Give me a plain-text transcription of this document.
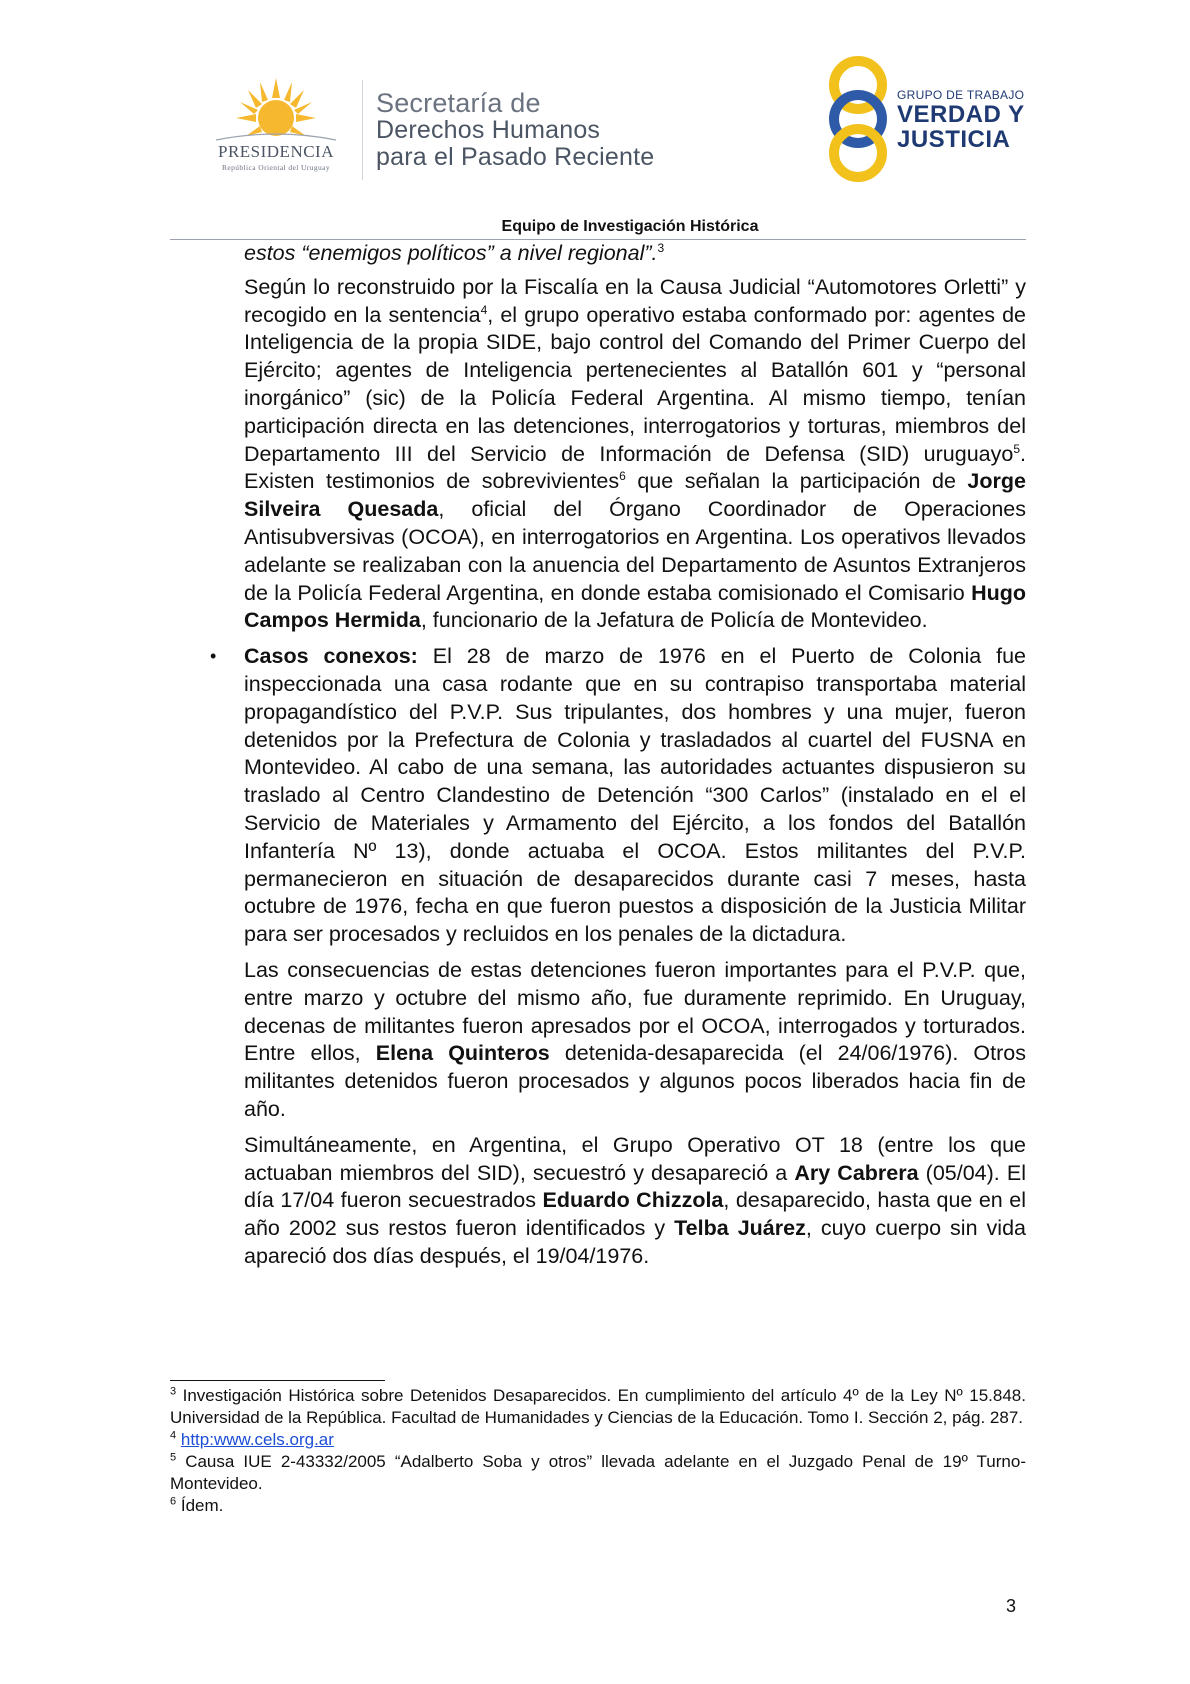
PRESIDENCIA
República Oriental del Uruguay
Secretaría de
Derechos Humanos
para el Pasado Reciente
GRUPO DE TRABAJO
VERDAD Y
JUSTICIA
Equipo de Investigación Histórica

estos “enemigos políticos” a nivel regional”.$^3$

Según lo reconstruido por la Fiscalía en la Causa Judicial “Automotores Orletti” y recogido en la sentencia$^4$, el grupo operativo estaba conformado por: agentes de Inteligencia de la propia SIDE, bajo control del Comando del Primer Cuerpo del Ejército; agentes de Inteligencia pertenecientes al Batallón 601 y “personal inorgánico” (sic) de la Policía Federal Argentina. Al mismo tiempo, tenían participación directa en las detenciones, interrogatorios y torturas, miembros del Departamento III del Servicio de Información de Defensa (SID) uruguayo$^5$. Existen testimonios de sobrevivientes$^6$ que señalan la participación de Jorge Silveira Quesada, oficial del Órgano Coordinador de Operaciones Antisubversivas (OCOA), en interrogatorios en Argentina. Los operativos llevados adelante se realizaban con la anuencia del Departamento de Asuntos Extranjeros de la Policía Federal Argentina, en donde estaba comisionado el Comisario Hugo Campos Hermida, funcionario de la Jefatura de Policía de Montevideo.

• Casos conexos: El 28 de marzo de 1976 en el Puerto de Colonia fue inspeccionada una casa rodante que en su contrapiso transportaba material propagandístico del P.V.P. Sus tripulantes, dos hombres y una mujer, fueron detenidos por la Prefectura de Colonia y trasladados al cuartel del FUSNA en Montevideo. Al cabo de una semana, las autoridades actuantes dispusieron su traslado al Centro Clandestino de Detención “300 Carlos” (instalado en el el Servicio de Materiales y Armamento del Ejército, a los fondos del Batallón Infantería Nº 13), donde actuaba el OCOA. Estos militantes del P.V.P. permanecieron en situación de desaparecidos durante casi 7 meses, hasta octubre de 1976, fecha en que fueron puestos a disposición de la Justicia Militar para ser procesados y recluidos en los penales de la dictadura.

Las consecuencias de estas detenciones fueron importantes para el P.V.P. que, entre marzo y octubre del mismo año, fue duramente reprimido. En Uruguay, decenas de militantes fueron apresados por el OCOA, interrogados y torturados. Entre ellos, Elena Quinteros detenida-desaparecida (el 24/06/1976). Otros militantes detenidos fueron procesados y algunos pocos liberados hacia fin de año.

Simultáneamente, en Argentina, el Grupo Operativo OT 18 (entre los que actuaban miembros del SID), secuestró y desapareció a Ary Cabrera (05/04). El día 17/04 fueron secuestrados Eduardo Chizzola, desaparecido, hasta que en el año 2002 sus restos fueron identificados y Telba Juárez, cuyo cuerpo sin vida apareció dos días después, el 19/04/1976.

$^3$ Investigación Histórica sobre Detenidos Desaparecidos. En cumplimiento del artículo 4º de la Ley Nº 15.848. Universidad de la República. Facultad de Humanidades y Ciencias de la Educación. Tomo I. Sección 2, pág. 287.

$^4$ http:www.cels.org.ar

$^5$ Causa IUE 2-43332/2005 “Adalberto Soba y otros” llevada adelante en el Juzgado Penal de 19º Turno-Montevideo.

$^6$ Ídem.

3
